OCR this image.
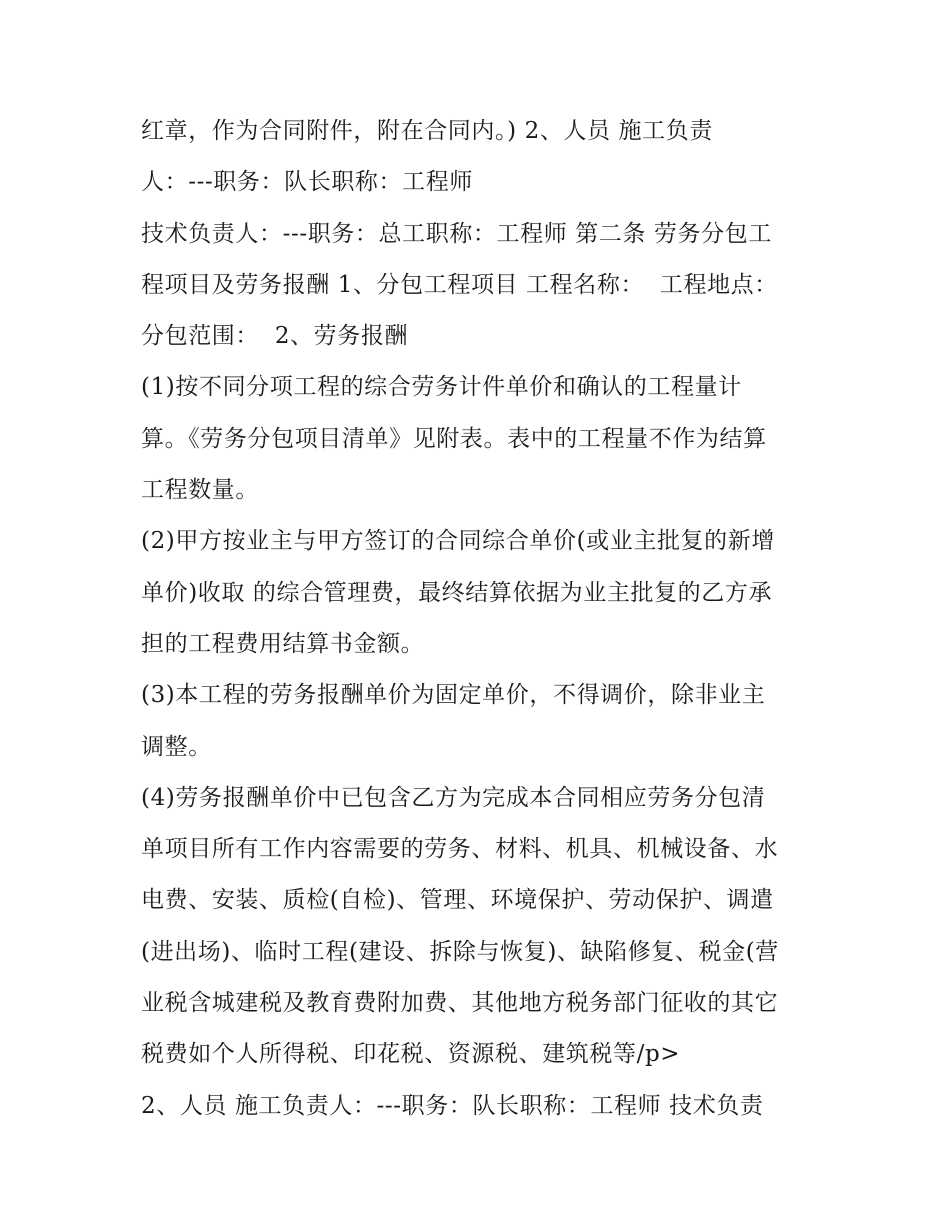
红章，作为合同附件，附在合同内。) 2、人员 施工负责
人：---职务：队长职称：工程师
技术负责人：---职务：总工职称：工程师 第二条 劳务分包工
程项目及劳务报酬 1、分包工程项目 工程名称：  工程地点：
分包范围：  2、劳务报酬
(1)按不同分项工程的综合劳务计件单价和确认的工程量计
算。《劳务分包项目清单》见附表。表中的工程量不作为结算
工程数量。
(2)甲方按业主与甲方签订的合同综合单价(或业主批复的新增
单价)收取 的综合管理费，最终结算依据为业主批复的乙方承
担的工程费用结算书金额。
(3)本工程的劳务报酬单价为固定单价，不得调价，除非业主
调整。
(4)劳务报酬单价中已包含乙方为完成本合同相应劳务分包清
单项目所有工作内容需要的劳务、材料、机具、机械设备、水
电费、安装、质检(自检)、管理、环境保护、劳动保护、调遣
(进出场)、临时工程(建设、拆除与恢复)、缺陷修复、税金(营
业税含城建税及教育费附加费、其他地方税务部门征收的其它
税费如个人所得税、印花税、资源税、建筑税等/p>
2、人员 施工负责人：---职务：队长职称：工程师 技术负责
